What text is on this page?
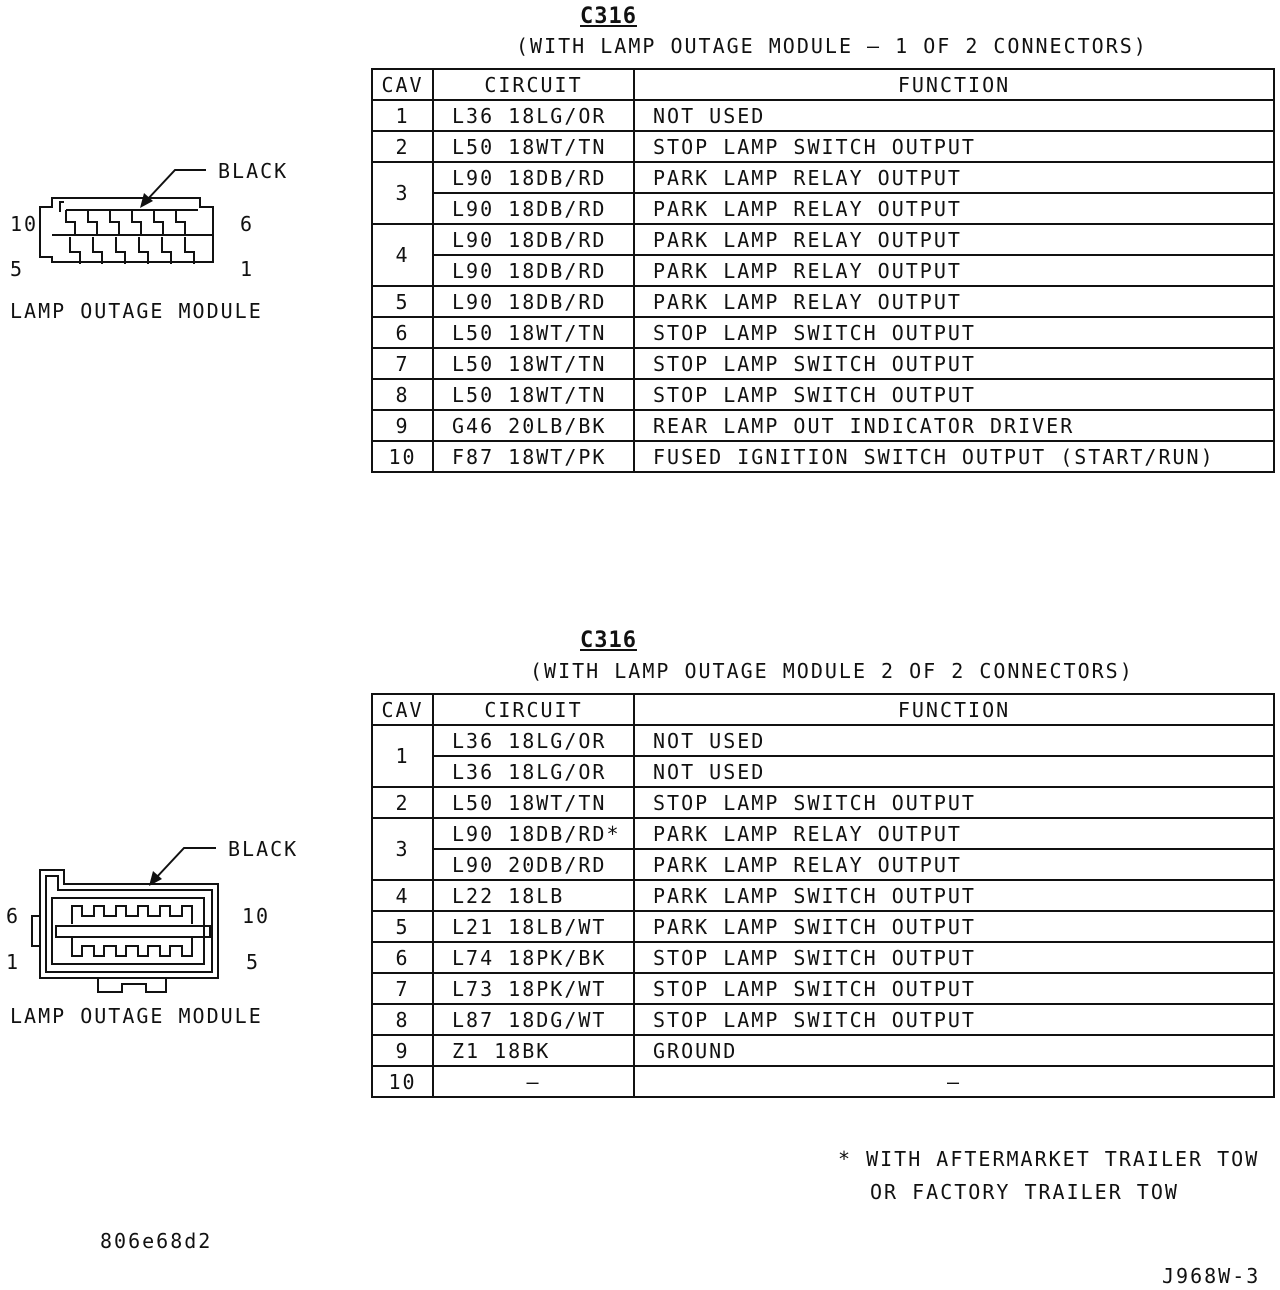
C316
(WITH LAMP OUTAGE MODULE – 1 OF 2 CONNECTORS)
CAV	CIRCUIT	FUNCTION
1	L36 18LG/OR	NOT USED
2	L50 18WT/TN	STOP LAMP SWITCH OUTPUT
3	L90 18DB/RD	PARK LAMP RELAY OUTPUT
	L90 18DB/RD	PARK LAMP RELAY OUTPUT
4	L90 18DB/RD	PARK LAMP RELAY OUTPUT
	L90 18DB/RD	PARK LAMP RELAY OUTPUT
5	L90 18DB/RD	PARK LAMP RELAY OUTPUT
6	L50 18WT/TN	STOP LAMP SWITCH OUTPUT
7	L50 18WT/TN	STOP LAMP SWITCH OUTPUT
8	L50 18WT/TN	STOP LAMP SWITCH OUTPUT
9	G46 20LB/BK	REAR LAMP OUT INDICATOR DRIVER
10	F87 18WT/PK	FUSED IGNITION SWITCH OUTPUT (START/RUN)
BLACK
10	6
5	1
LAMP OUTAGE MODULE
C316
(WITH LAMP OUTAGE MODULE 2 OF 2 CONNECTORS)
CAV	CIRCUIT	FUNCTION
1	L36 18LG/OR	NOT USED
	L36 18LG/OR	NOT USED
2	L50 18WT/TN	STOP LAMP SWITCH OUTPUT
3	L90 18DB/RD*	PARK LAMP RELAY OUTPUT
	L90 20DB/RD	PARK LAMP RELAY OUTPUT
4	L22 18LB	PARK LAMP SWITCH OUTPUT
5	L21 18LB/WT	PARK LAMP SWITCH OUTPUT
6	L74 18PK/BK	STOP LAMP SWITCH OUTPUT
7	L73 18PK/WT	STOP LAMP SWITCH OUTPUT
8	L87 18DG/WT	STOP LAMP SWITCH OUTPUT
9	Z1 18BK	GROUND
10	–	–
BLACK
6	10
1	5
LAMP OUTAGE MODULE
* WITH AFTERMARKET TRAILER TOW
OR FACTORY TRAILER TOW
806e68d2
J968W-3
